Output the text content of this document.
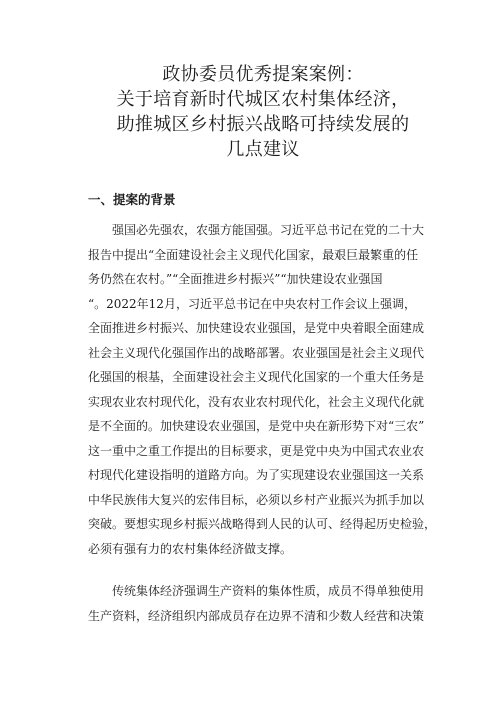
政协委员优秀提案案例：
关于培育新时代城区农村集体经济，
助推城区乡村振兴战略可持续发展的
几点建议
一、提案的背景
　　强国必先强农，农强方能国强。习近平总书记在党的二十大
报告中提出“全面建设社会主义现代化国家，最艰巨最繁重的任
务仍然在农村。”“全面推进乡村振兴”“加快建设农业强国
“。2022年12月，习近平总书记在中央农村工作会议上强调，
全面推进乡村振兴、加快建设农业强国，是党中央着眼全面建成
社会主义现代化强国作出的战略部署。农业强国是社会主义现代
化强国的根基，全面建设社会主义现代化国家的一个重大任务是
实现农业农村现代化，没有农业农村现代化，社会主义现代化就
是不全面的。加快建设农业强国，是党中央在新形势下对“三农”
这一重中之重工作提出的目标要求，更是党中央为中国式农业农
村现代化建设指明的道路方向。为了实现建设农业强国这一关系
中华民族伟大复兴的宏伟目标，必须以乡村产业振兴为抓手加以
突破。要想实现乡村振兴战略得到人民的认可、经得起历史检验，
必须有强有力的农村集体经济做支撑。
　　传统集体经济强调生产资料的集体性质，成员不得单独使用
生产资料，经济组织内部成员存在边界不清和少数人经营和决策
